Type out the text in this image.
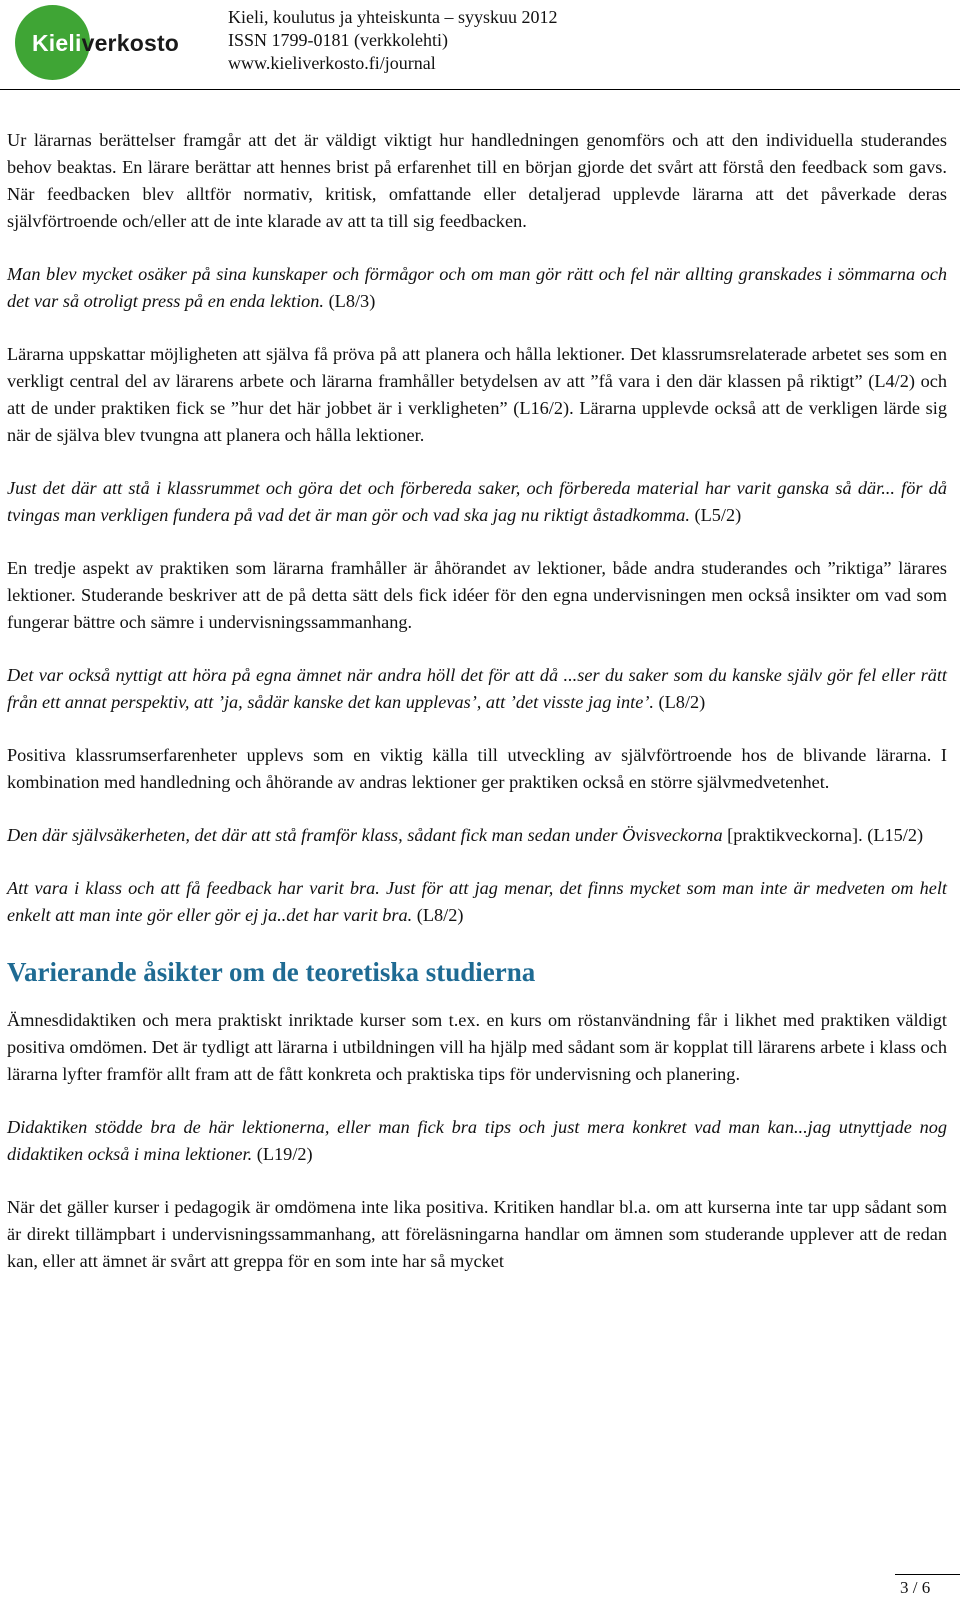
Kieliverkosto
Kieli, koulutus ja yhteiskunta – syyskuu 2012
ISSN 1799-0181 (verkkolehti)
www.kieliverkosto.fi/journal

Ur lärarnas berättelser framgår att det är väldigt viktigt hur handledningen genomförs och att den individuella studerandes behov beaktas. En lärare berättar att hennes brist på erfarenhet till en början gjorde det svårt att förstå den feedback som gavs. När feedbacken blev alltför normativ, kritisk, omfattande eller detaljerad upplevde lärarna att det påverkade deras självförtroende och/eller att de inte klarade av att ta till sig feedbacken.

Man blev mycket osäker på sina kunskaper och förmågor och om man gör rätt och fel när allting granskades i sömmarna och det var så otroligt press på en enda lektion. (L8/3)

Lärarna uppskattar möjligheten att själva få pröva på att planera och hålla lektioner. Det klassrumsrelaterade arbetet ses som en verkligt central del av lärarens arbete och lärarna framhåller betydelsen av att ”få vara i den där klassen på riktigt” (L4/2) och att de under praktiken fick se ”hur det här jobbet är i verkligheten” (L16/2). Lärarna upplevde också att de verkligen lärde sig när de själva blev tvungna att planera och hålla lektioner.

Just det där att stå i klassrummet och göra det och förbereda saker, och förbereda material har varit ganska så där... för då tvingas man verkligen fundera på vad det är man gör och vad ska jag nu riktigt åstadkomma. (L5/2)

En tredje aspekt av praktiken som lärarna framhåller är åhörandet av lektioner, både andra studerandes och ”riktiga” lärares lektioner. Studerande beskriver att de på detta sätt dels fick idéer för den egna undervisningen men också insikter om vad som fungerar bättre och sämre i undervisningssammanhang.

Det var också nyttigt att höra på egna ämnet när andra höll det för att då ...ser du saker som du kanske själv gör fel eller rätt från ett annat perspektiv, att ’ja, sådär kanske det kan upplevas’, att ’det visste jag inte’. (L8/2)

Positiva klassrumserfarenheter upplevs som en viktig källa till utveckling av självförtroende hos de blivande lärarna. I kombination med handledning och åhörande av andras lektioner ger praktiken också en större självmedvetenhet.

Den där självsäkerheten, det där att stå framför klass, sådant fick man sedan under Övisveckorna [praktikveckorna]. (L15/2)

Att vara i klass och att få feedback har varit bra. Just för att jag menar, det finns mycket som man inte är medveten om helt enkelt att man inte gör eller gör ej ja..det har varit bra. (L8/2)

Varierande åsikter om de teoretiska studierna

Ämnesdidaktiken och mera praktiskt inriktade kurser som t.ex. en kurs om röstanvändning får i likhet med praktiken väldigt positiva omdömen. Det är tydligt att lärarna i utbildningen vill ha hjälp med sådant som är kopplat till lärarens arbete i klass och lärarna lyfter framför allt fram att de fått konkreta och praktiska tips för undervisning och planering.

Didaktiken stödde bra de här lektionerna, eller man fick bra tips och just mera konkret vad man kan...jag utnyttjade nog didaktiken också i mina lektioner. (L19/2)

När det gäller kurser i pedagogik är omdömena inte lika positiva. Kritiken handlar bl.a. om att kurserna inte tar upp sådant som är direkt tillämpbart i undervisningssammanhang, att föreläsningarna handlar om ämnen som studerande upplever att de redan kan, eller att ämnet är svårt att greppa för en som inte har så mycket

3 / 6
